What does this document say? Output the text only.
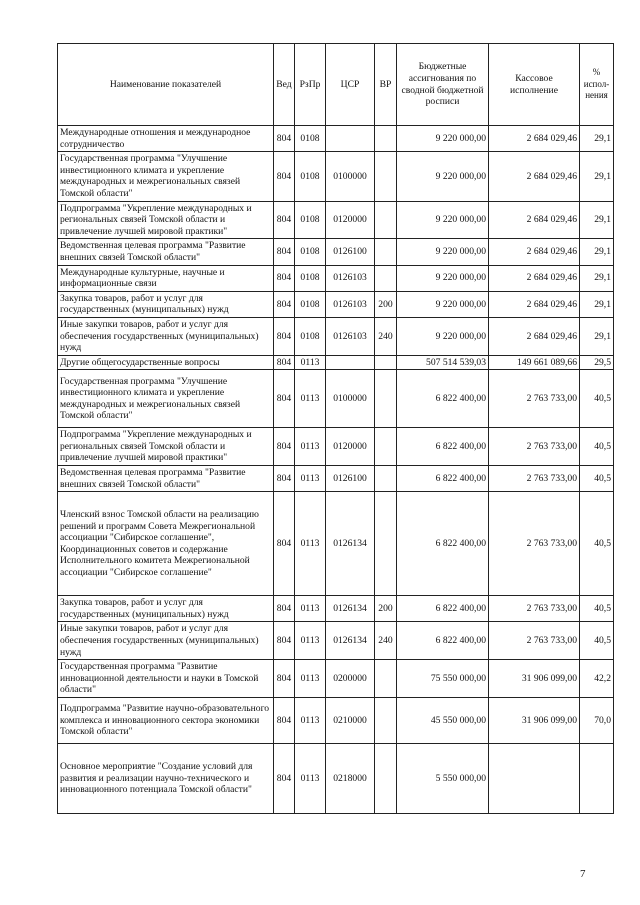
Наименование показателей	Вед	РзПр	ЦСР	ВР	Бюджетные ассигнования по сводной бюджетной росписи	Кассовое исполнение	% испол-нения
Международные отношения и международное сотрудничество	804	0108			9 220 000,00	2 684 029,46	29,1
Государственная программа "Улучшение инвестиционного климата и укрепление международных и межрегиональных связей Томской области"	804	0108	0100000		9 220 000,00	2 684 029,46	29,1
Подпрограмма "Укрепление международных и региональных связей Томской области и привлечение лучшей мировой практики"	804	0108	0120000		9 220 000,00	2 684 029,46	29,1
Ведомственная целевая программа "Развитие внешних связей Томской области"	804	0108	0126100		9 220 000,00	2 684 029,46	29,1
Международные культурные, научные и информационные связи	804	0108	0126103		9 220 000,00	2 684 029,46	29,1
Закупка товаров, работ и услуг для государственных (муниципальных) нужд	804	0108	0126103	200	9 220 000,00	2 684 029,46	29,1
Иные закупки товаров, работ и услуг для обеспечения государственных (муниципальных) нужд	804	0108	0126103	240	9 220 000,00	2 684 029,46	29,1
Другие общегосударственные вопросы	804	0113			507 514 539,03	149 661 089,66	29,5
Государственная программа "Улучшение инвестиционного климата и укрепление международных и межрегиональных связей Томской области"	804	0113	0100000		6 822 400,00	2 763 733,00	40,5
Подпрограмма "Укрепление международных и региональных связей Томской области и привлечение лучшей мировой практики"	804	0113	0120000		6 822 400,00	2 763 733,00	40,5
Ведомственная целевая программа "Развитие внешних связей Томской области"	804	0113	0126100		6 822 400,00	2 763 733,00	40,5
Членский взнос Томской области на реализацию решений и программ Совета Межрегиональной ассоциации "Сибирское соглашение", Координационных советов и содержание Исполнительного комитета Межрегиональной ассоциации "Сибирское соглашение"	804	0113	0126134		6 822 400,00	2 763 733,00	40,5
Закупка товаров, работ и услуг для государственных (муниципальных) нужд	804	0113	0126134	200	6 822 400,00	2 763 733,00	40,5
Иные закупки товаров, работ и услуг для обеспечения государственных (муниципальных) нужд	804	0113	0126134	240	6 822 400,00	2 763 733,00	40,5
Государственная программа "Развитие инновационной деятельности и науки в Томской области"	804	0113	0200000		75 550 000,00	31 906 099,00	42,2
Подпрограмма "Развитие научно-образовательного комплекса и инновационного сектора экономики Томской области"	804	0113	0210000		45 550 000,00	31 906 099,00	70,0
Основное мероприятие "Создание условий для развития и реализации научно-технического и инновационного потенциала Томской области"	804	0113	0218000		5 550 000,00		
7
